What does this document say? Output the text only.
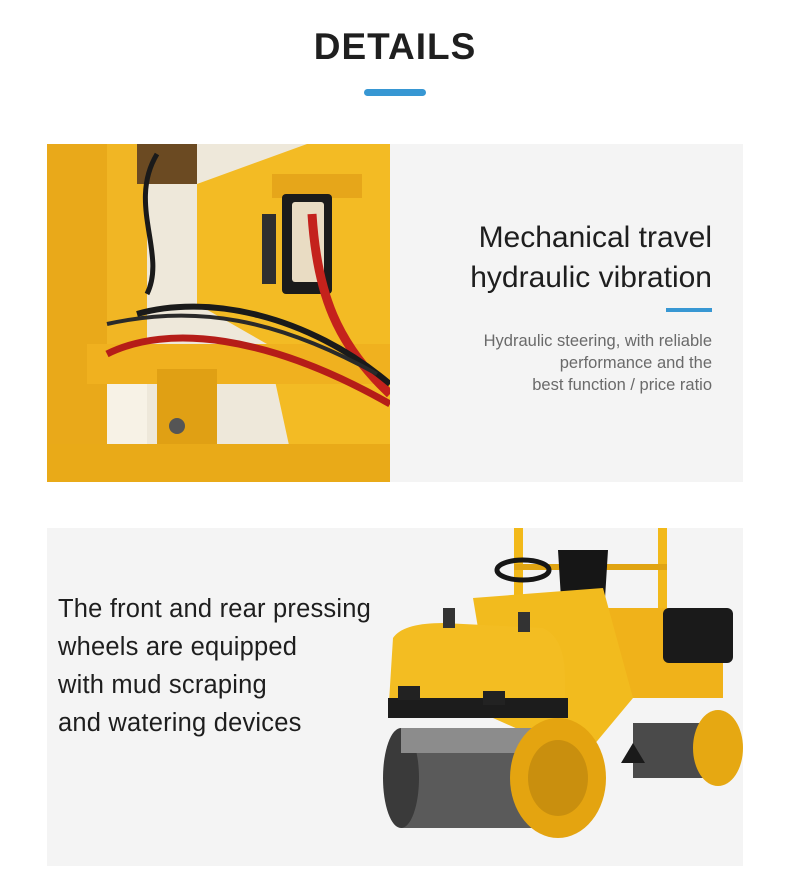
DETAILS
Mechanical travel
hydraulic vibration
Hydraulic steering, with reliable
performance and the
best function / price ratio
The front and rear pressing
wheels are equipped
with mud scraping
and watering devices
